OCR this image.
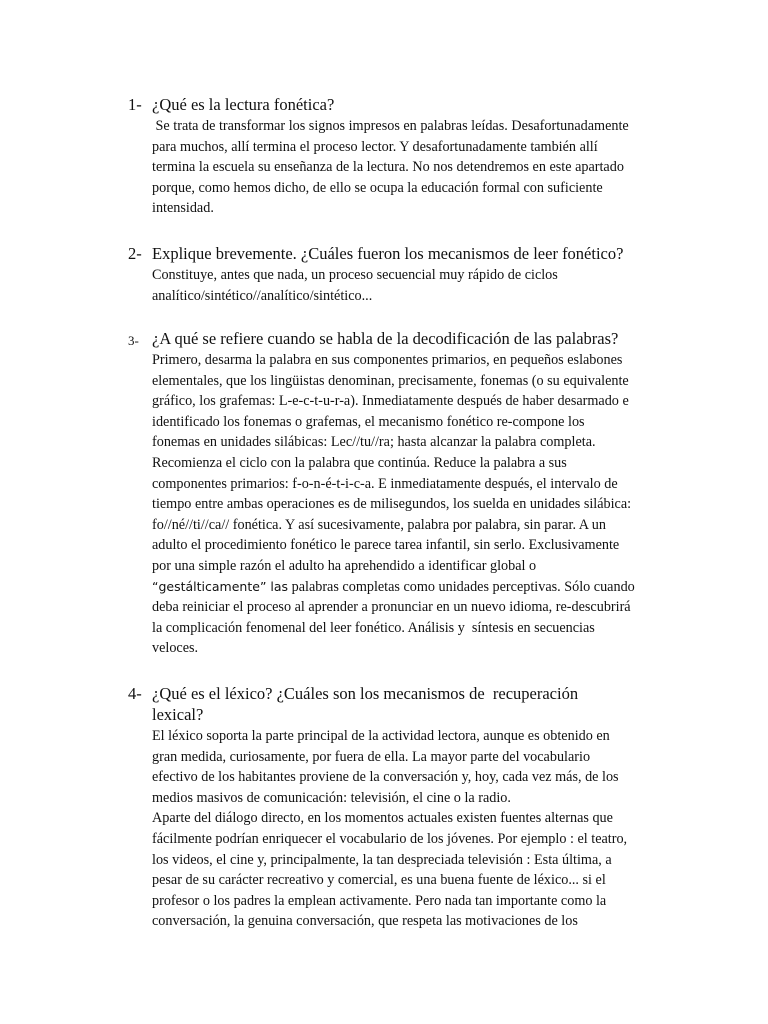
1- ¿Qué es la lectura fonética?
Se trata de transformar los signos impresos en palabras leídas. Desafortunadamente
para muchos, allí termina el proceso lector. Y desafortunadamente también allí
termina la escuela su enseñanza de la lectura. No nos detendremos en este apartado
porque, como hemos dicho, de ello se ocupa la educación formal con suficiente
intensidad.
2- Explique brevemente. ¿Cuáles fueron los mecanismos de leer fonético?
Constituye, antes que nada, un proceso secuencial muy rápido de ciclos
analítico/sintético//analítico/sintético...
3- ¿A qué se refiere cuando se habla de la decodificación de las palabras?
Primero, desarma la palabra en sus componentes primarios, en pequeños eslabones
elementales, que los lingüistas denominan, precisamente, fonemas (o su equivalente
gráfico, los grafemas: L-e-c-t-u-r-a). Inmediatamente después de haber desarmado e
identificado los fonemas o grafemas, el mecanismo fonético re-compone los
fonemas en unidades silábicas: Lec//tu//ra; hasta alcanzar la palabra completa.
Recomienza el ciclo con la palabra que continúa. Reduce la palabra a sus
componentes primarios: f-o-n-é-t-i-c-a. E inmediatamente después, el intervalo de
tiempo entre ambas operaciones es de milisegundos, los suelda en unidades silábica:
fo//né//ti//ca// fonética. Y así sucesivamente, palabra por palabra, sin parar. A un
adulto el procedimiento fonético le parece tarea infantil, sin serlo. Exclusivamente
por una simple razón el adulto ha aprehendido a identificar global o
“gestálticamente” las palabras completas como unidades perceptivas. Sólo cuando
deba reiniciar el proceso al aprender a pronunciar en un nuevo idioma, re-descubrirá
la complicación fenomenal del leer fonético. Análisis y  síntesis en secuencias
veloces.
4- ¿Qué es el léxico? ¿Cuáles son los mecanismos de  recuperación
lexical?
El léxico soporta la parte principal de la actividad lectora, aunque es obtenido en
gran medida, curiosamente, por fuera de ella. La mayor parte del vocabulario
efectivo de los habitantes proviene de la conversación y, hoy, cada vez más, de los
medios masivos de comunicación: televisión, el cine o la radio.
Aparte del diálogo directo, en los momentos actuales existen fuentes alternas que
fácilmente podrían enriquecer el vocabulario de los jóvenes. Por ejemplo : el teatro,
los videos, el cine y, principalmente, la tan despreciada televisión : Esta última, a
pesar de su carácter recreativo y comercial, es una buena fuente de léxico... si el
profesor o los padres la emplean activamente. Pero nada tan importante como la
conversación, la genuina conversación, que respeta las motivaciones de los
